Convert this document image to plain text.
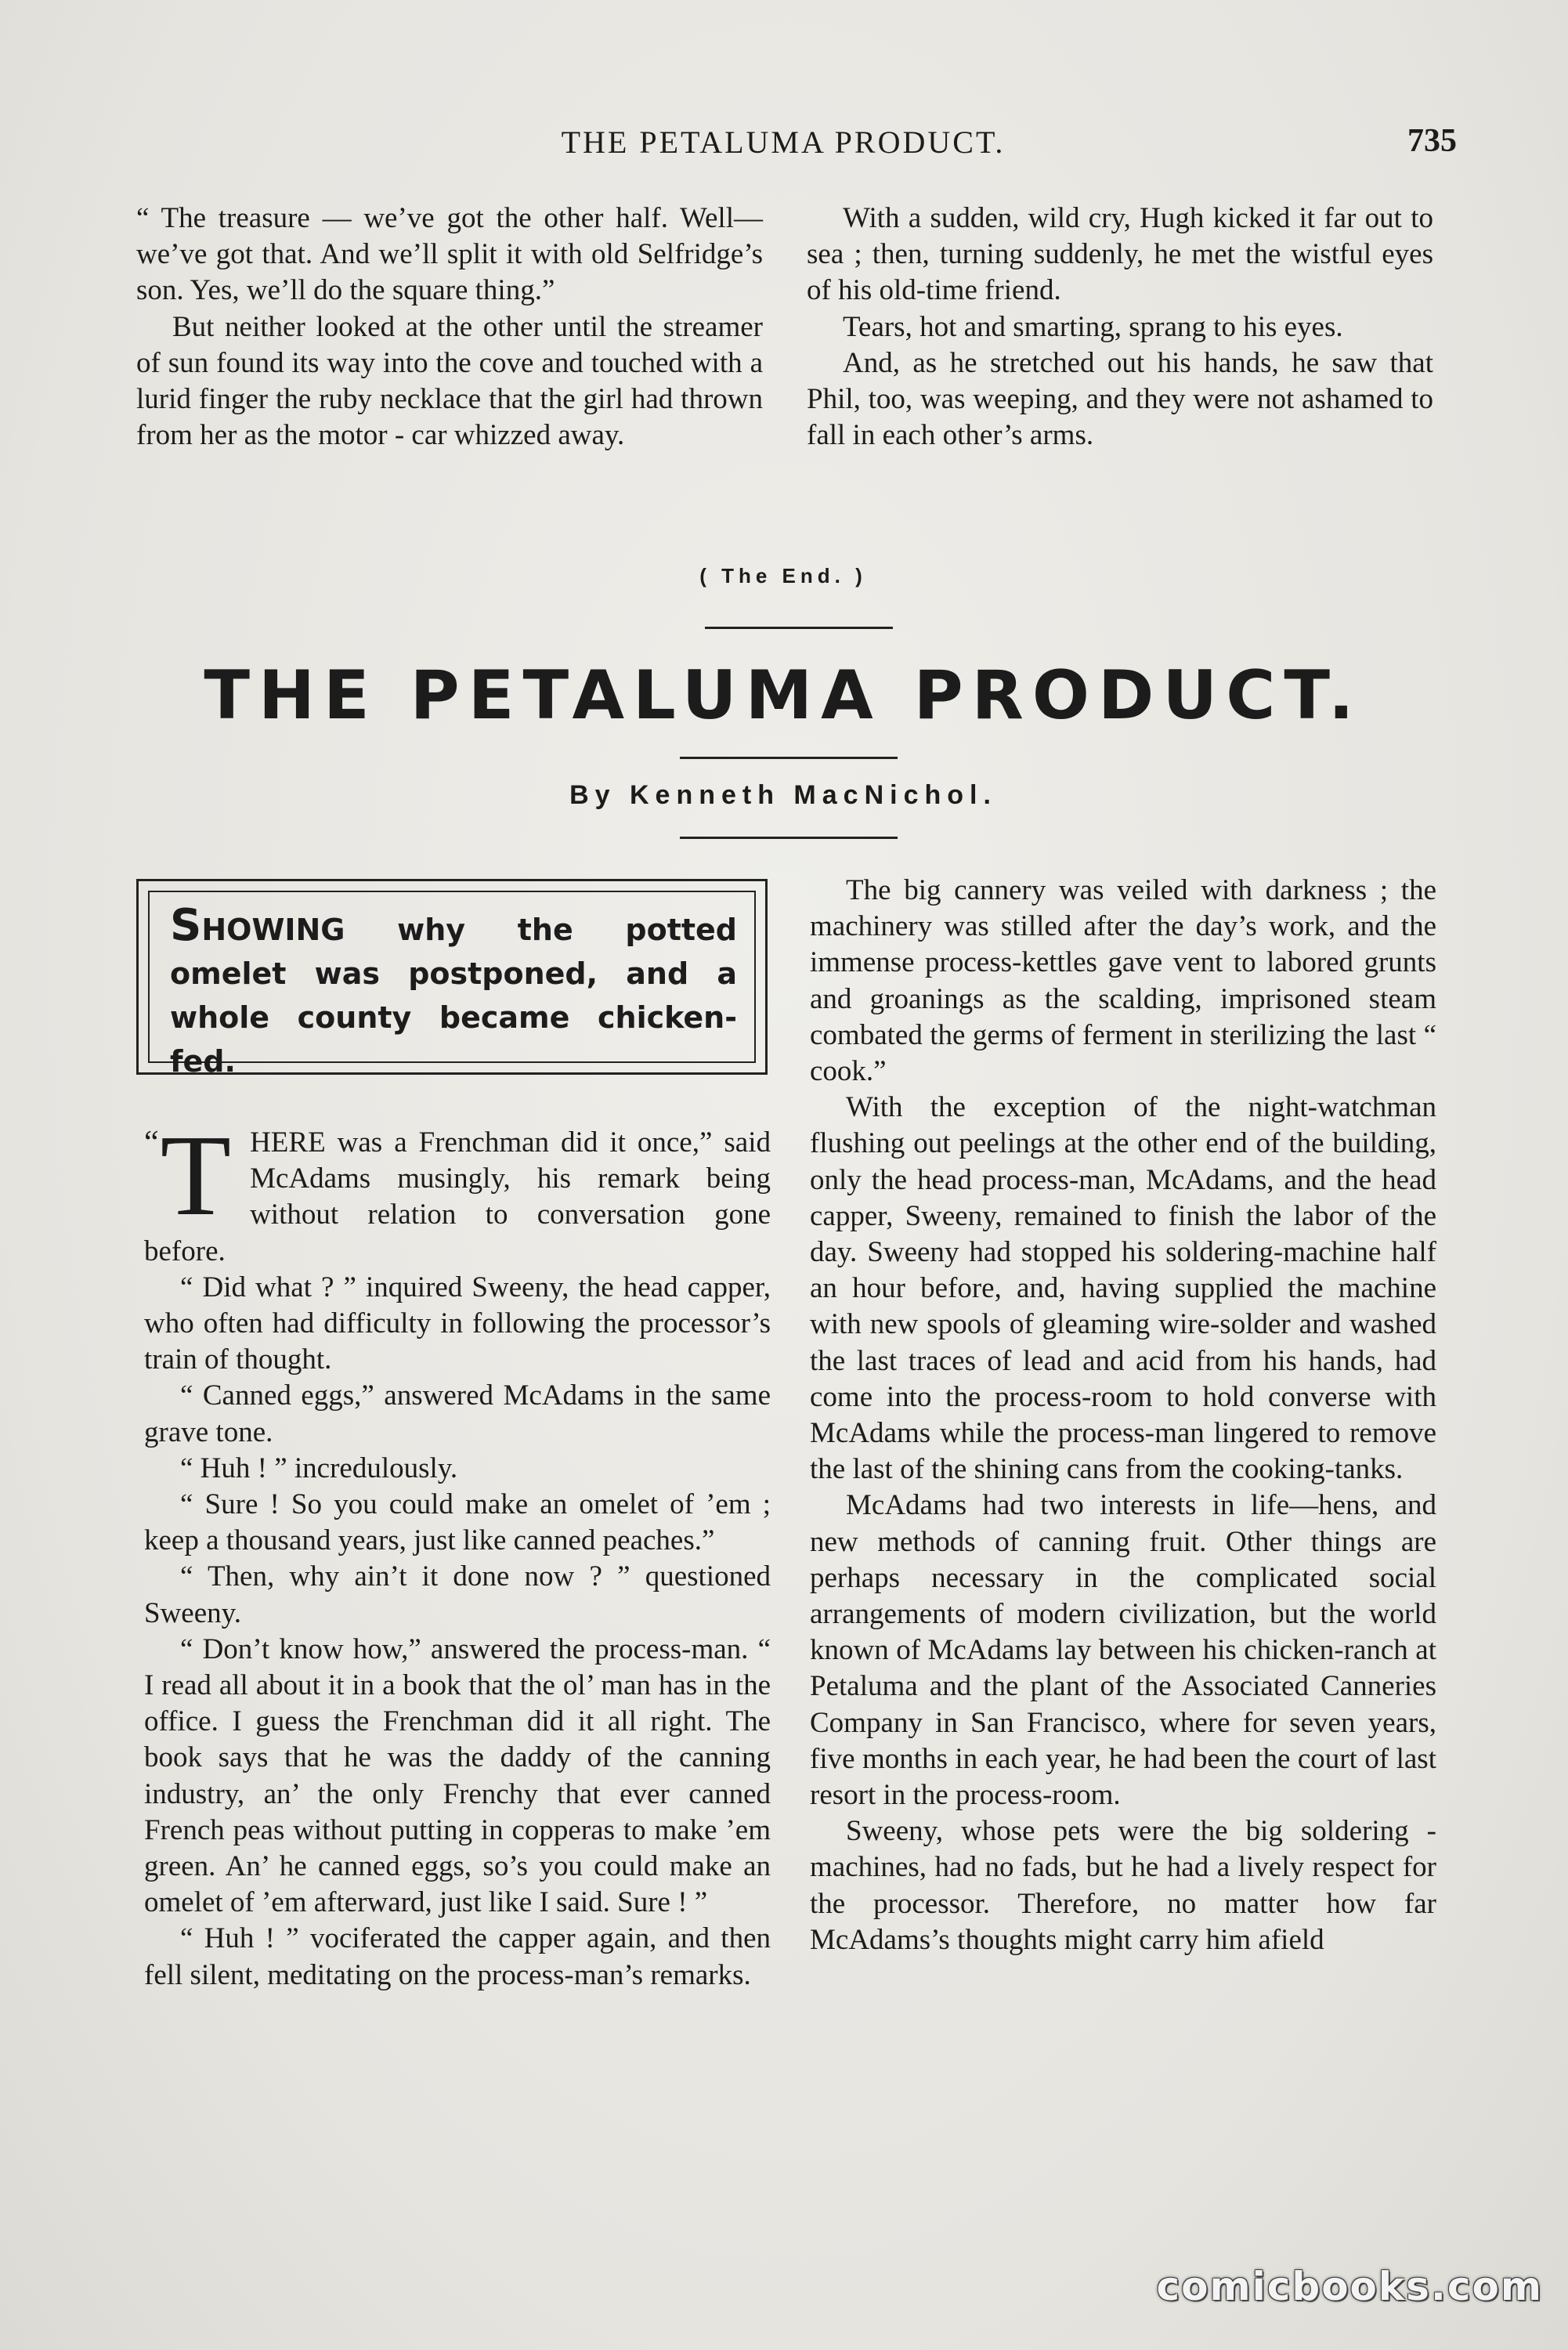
THE PETALUMA PRODUCT.	735

“ The treasure — we’ve got the other half. Well—we’ve got that. And we’ll split it with old Selfridge’s son. Yes, we’ll do the square thing.”

But neither looked at the other until the streamer of sun found its way into the cove and touched with a lurid finger the ruby necklace that the girl had thrown from her as the motor - car whizzed away.

With a sudden, wild cry, Hugh kicked it far out to sea ; then, turning suddenly, he met the wistful eyes of his old-time friend.

Tears, hot and smarting, sprang to his eyes.

And, as he stretched out his hands, he saw that Phil, too, was weeping, and they were not ashamed to fall in each other’s arms.

( The End. )
THE PETALUMA PRODUCT.
By Kenneth MacNichol.
SHOWING why the potted omelet was postponed, and a whole county became chicken-fed.

“ T HERE was a Frenchman did it once,” said McAdams musingly, his remark being without relation to conversation gone before.

“ Did what ? ” inquired Sweeny, the head capper, who often had difficulty in following the processor’s train of thought.

“ Canned eggs,” answered McAdams in the same grave tone.

“ Huh ! ” incredulously.

“ Sure ! So you could make an omelet of ’em ; keep a thousand years, just like canned peaches.”

“ Then, why ain’t it done now ? ” questioned Sweeny.

“ Don’t know how,” answered the process-man. “ I read all about it in a book that the ol’ man has in the office. I guess the Frenchman did it all right. The book says that he was the daddy of the canning industry, an’ the only Frenchy that ever canned French peas without putting in copperas to make ’em green. An’ he canned eggs, so’s you could make an omelet of ’em afterward, just like I said. Sure ! ”

“ Huh ! ” vociferated the capper again, and then fell silent, meditating on the process-man’s remarks.

The big cannery was veiled with darkness ; the machinery was stilled after the day’s work, and the immense process-kettles gave vent to labored grunts and groanings as the scalding, imprisoned steam combated the germs of ferment in sterilizing the last “ cook.”

With the exception of the night-watchman flushing out peelings at the other end of the building, only the head process-man, McAdams, and the head capper, Sweeny, remained to finish the labor of the day. Sweeny had stopped his soldering-machine half an hour before, and, having supplied the machine with new spools of gleaming wire-solder and washed the last traces of lead and acid from his hands, had come into the process-room to hold converse with McAdams while the process-man lingered to remove the last of the shining cans from the cooking-tanks.

McAdams had two interests in life—hens, and new methods of canning fruit. Other things are perhaps necessary in the complicated social arrangements of modern civilization, but the world known of McAdams lay between his chicken-ranch at Petaluma and the plant of the Associated Canneries Company in San Francisco, where for seven years, five months in each year, he had been the court of last resort in the process-room.

Sweeny, whose pets were the big soldering - machines, had no fads, but he had a lively respect for the processor. Therefore, no matter how far McAdams’s thoughts might carry him afield

comicbooks.com
